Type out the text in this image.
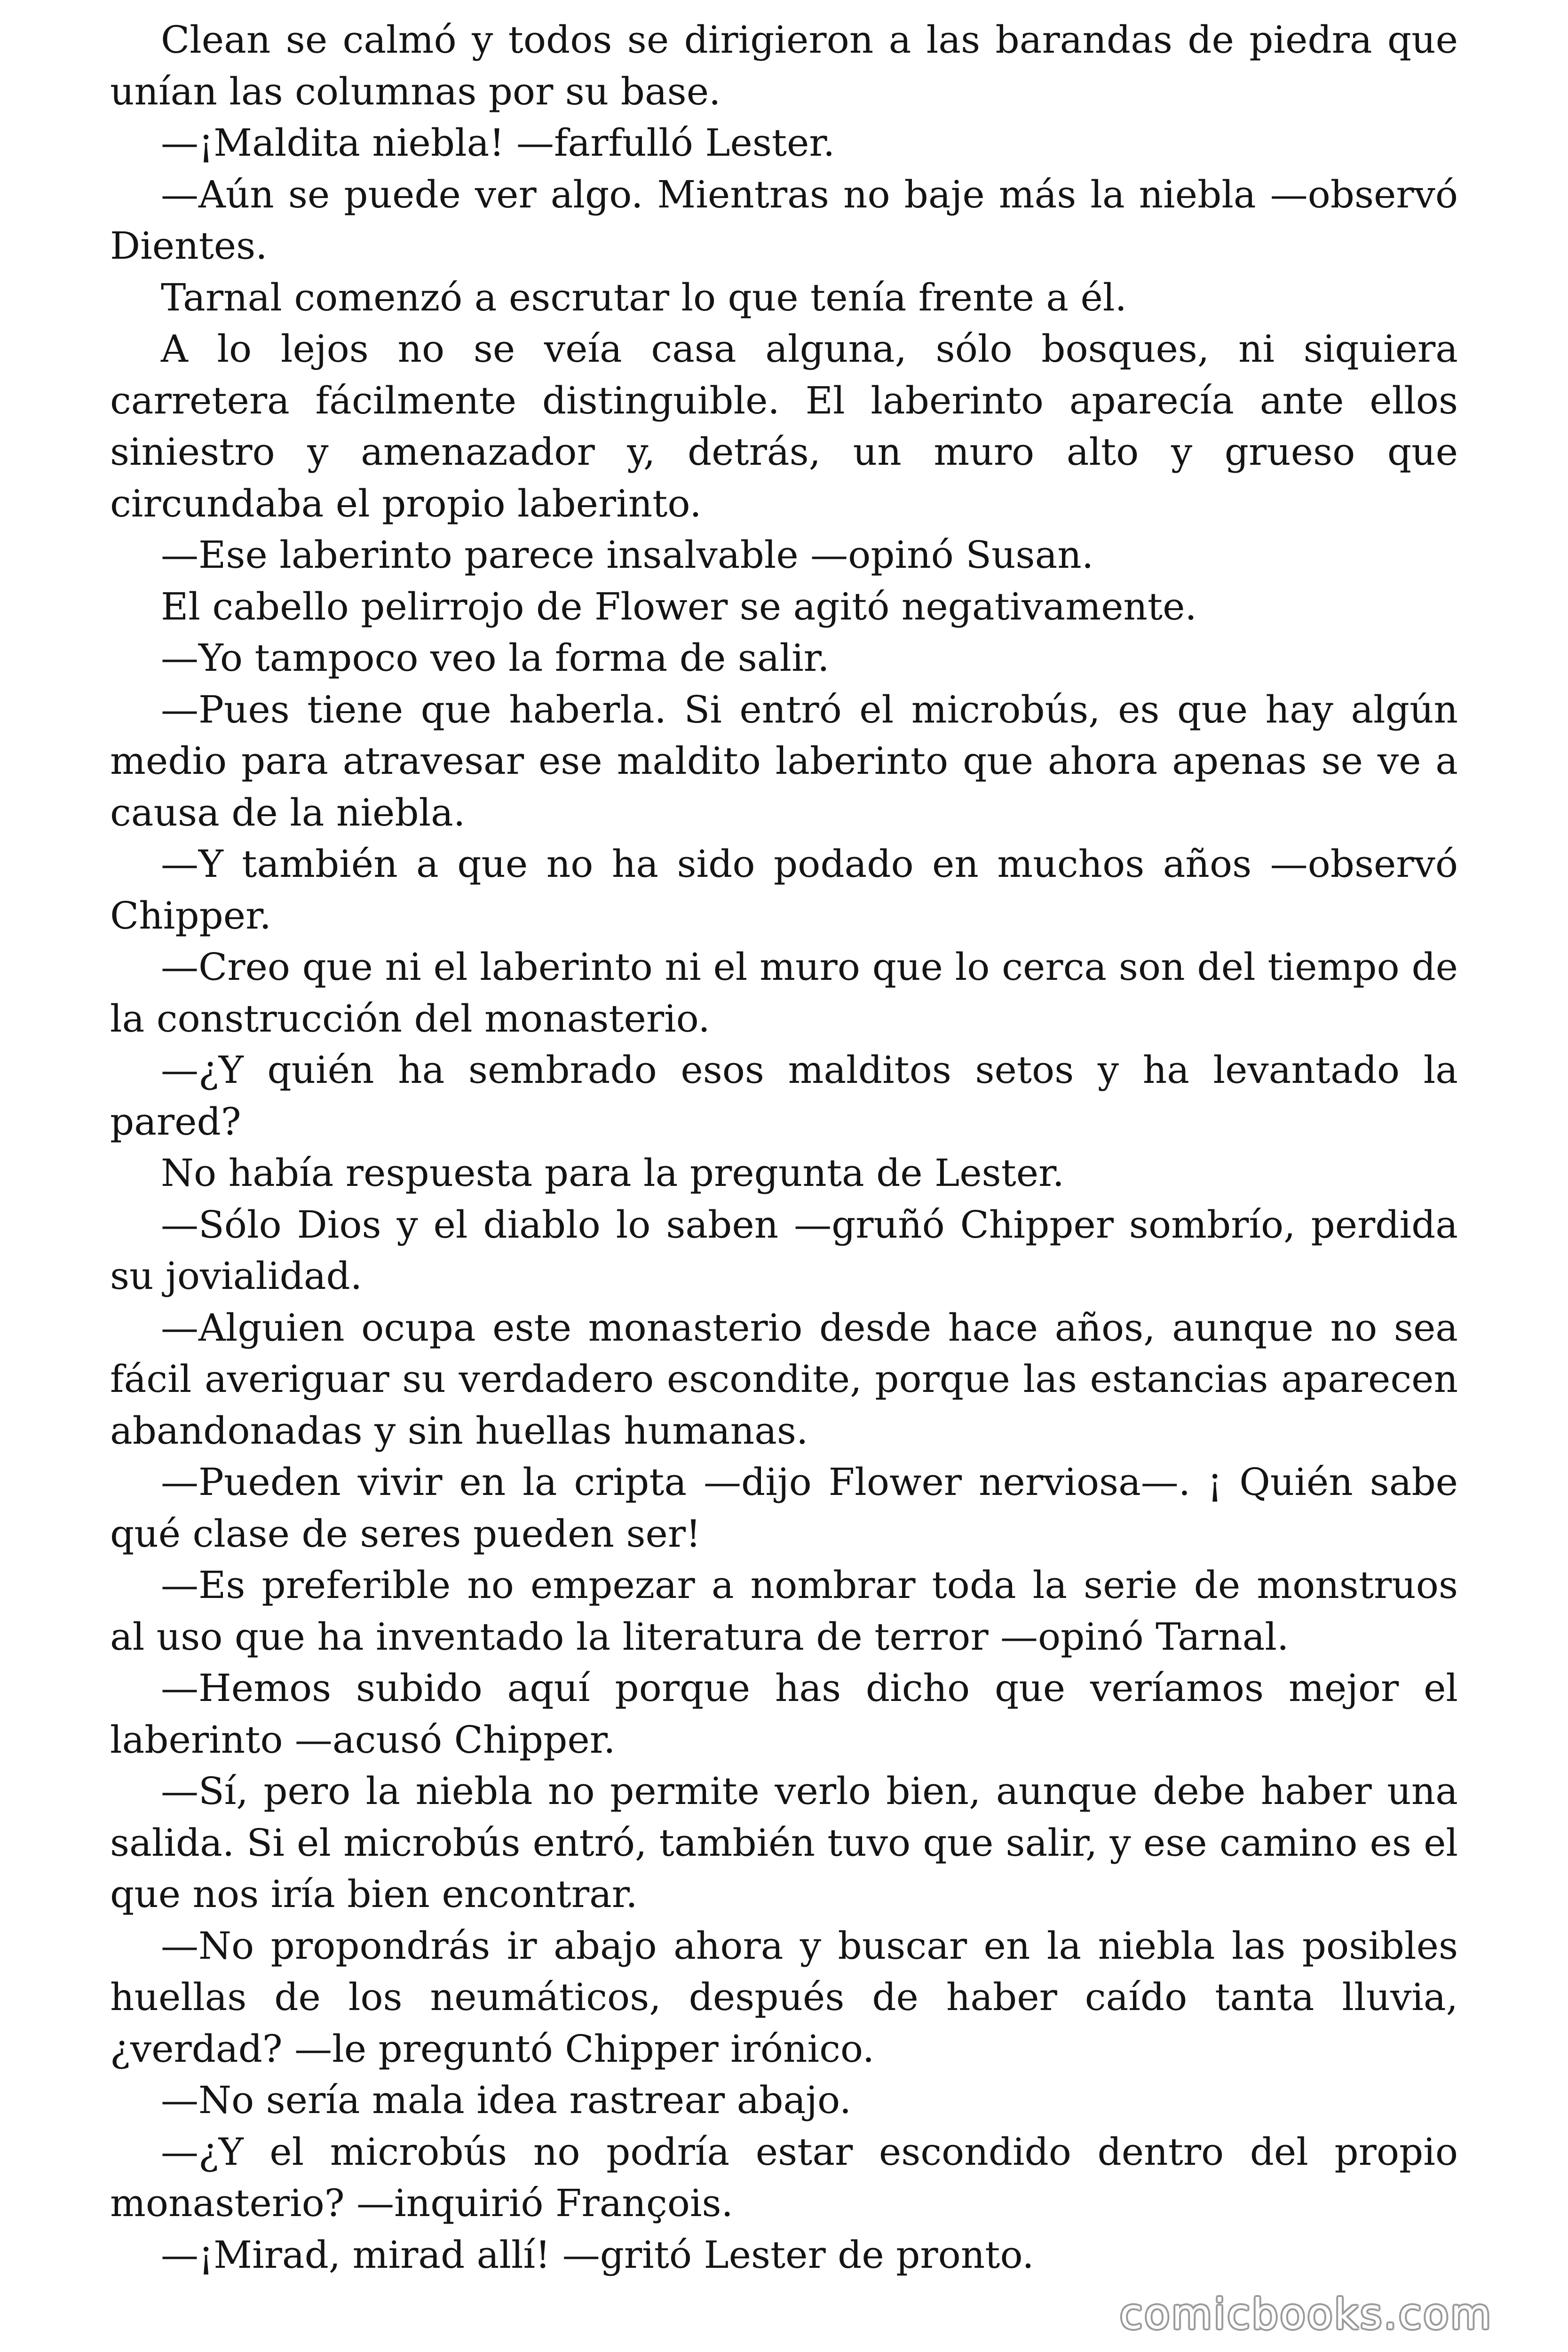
Clean se calmó y todos se dirigieron a las barandas de piedra que unían las columnas por su base.

—¡Maldita niebla! —farfulló Lester.

—Aún se puede ver algo. Mientras no baje más la niebla —observó Dientes.

Tarnal comenzó a escrutar lo que tenía frente a él.

A lo lejos no se veía casa alguna, sólo bosques, ni siquiera carretera fácilmente distinguible. El laberinto aparecía ante ellos siniestro y amenazador y, detrás, un muro alto y grueso que circundaba el propio laberinto.

—Ese laberinto parece insalvable —opinó Susan.

El cabello pelirrojo de Flower se agitó negativamente.

—Yo tampoco veo la forma de salir.

—Pues tiene que haberla. Si entró el microbús, es que hay algún medio para atravesar ese maldito laberinto que ahora apenas se ve a causa de la niebla.

—Y también a que no ha sido podado en muchos años —observó Chipper.

—Creo que ni el laberinto ni el muro que lo cerca son del tiempo de la construcción del monasterio.

—¿Y quién ha sembrado esos malditos setos y ha levantado la pared?

No había respuesta para la pregunta de Lester.

—Sólo Dios y el diablo lo saben —gruñó Chipper sombrío, perdida su jovialidad.

—Alguien ocupa este monasterio desde hace años, aunque no sea fácil averiguar su verdadero escondite, porque las estancias aparecen abandonadas y sin huellas humanas.

—Pueden vivir en la cripta —dijo Flower nerviosa—. ¡ Quién sabe qué clase de seres pueden ser!

—Es preferible no empezar a nombrar toda la serie de monstruos al uso que ha inventado la literatura de terror —opinó Tarnal.

—Hemos subido aquí porque has dicho que veríamos mejor el laberinto —acusó Chipper.

—Sí, pero la niebla no permite verlo bien, aunque debe haber una salida. Si el microbús entró, también tuvo que salir, y ese camino es el que nos iría bien encontrar.

—No propondrás ir abajo ahora y buscar en la niebla las posibles huellas de los neumáticos, después de haber caído tanta lluvia, ¿verdad? —le preguntó Chipper irónico.

—No sería mala idea rastrear abajo.

—¿Y el microbús no podría estar escondido dentro del propio monasterio? —inquirió François.

—¡Mirad, mirad allí! —gritó Lester de pronto.

comicbooks.com
